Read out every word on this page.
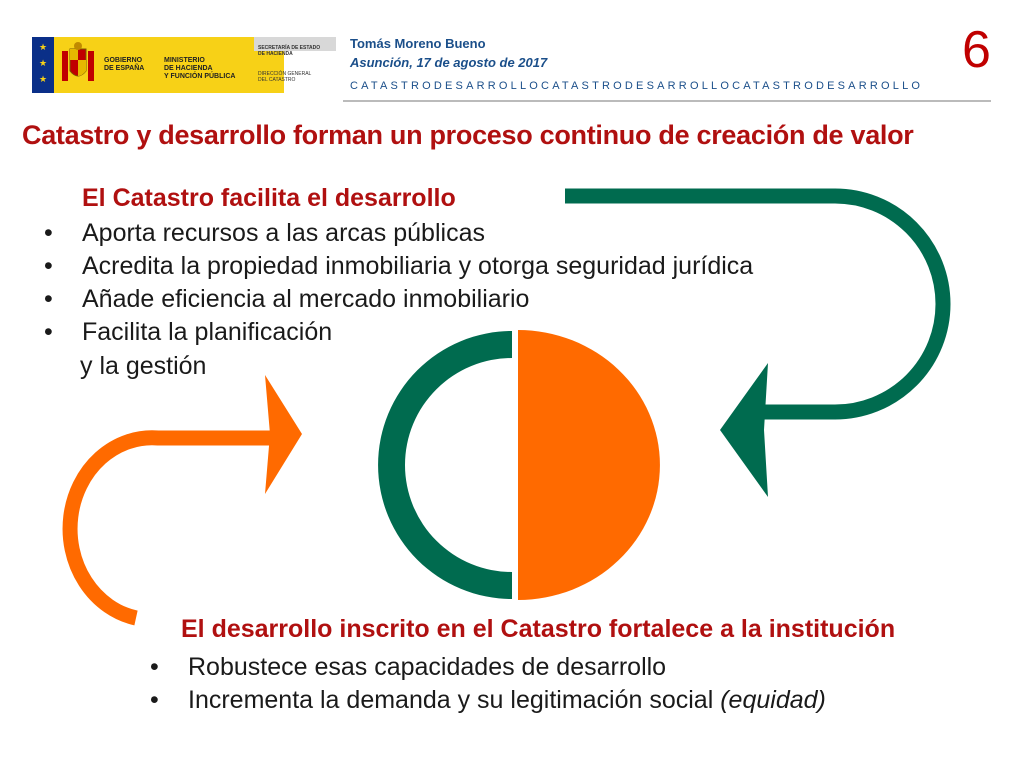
★
★
★
GOBIERNO
DE ESPAÑA
MINISTERIO
DE HACIENDA
Y FUNCIÓN PÚBLICA
SECRETARÍA DE ESTADO
DE HACIENDA
DIRECCIÓN GENERAL
DEL CATASTRO
Tomás Moreno Bueno
Asunción, 17 de agosto de 2017
CATASTRODESARROLLOCATASTRODESARROLLOCATASTRODESARROLLO
6
Catastro y desarrollo forman un proceso continuo de creación de valor
El Catastro facilita el desarrollo
• Aporta recursos a las arcas públicas
• Acredita la propiedad inmobiliaria y otorga seguridad jurídica
• Añade eficiencia al mercado inmobiliario
• Facilita la planificación
y la gestión
El desarrollo inscrito en el Catastro fortalece a la institución
• Robustece esas capacidades de desarrollo
• Incrementa la demanda y su legitimación social (equidad)
